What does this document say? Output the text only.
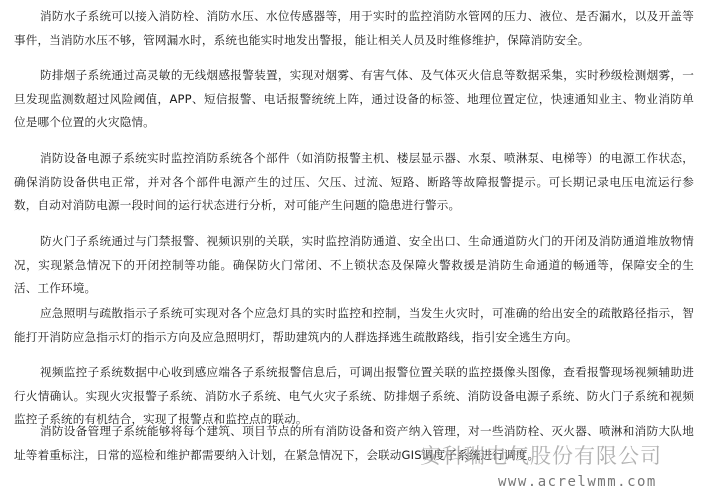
消防水子系统可以接入消防栓、消防水压、水位传感器等，用于实时的监控消防水管网的压力、液位、是否漏水，以及开盖等事件，当消防水压不够，管网漏水时，系统也能实时地发出警报，能让相关人员及时维修维护，保障消防安全。

防排烟子系统通过高灵敏的无线烟感报警装置，实现对烟雾、有害气体、及气体灭火信息等数据采集，实时秒级检测烟雾，一旦发现监测数超过风险阈值，APP、短信报警、电话报警统统上阵，通过设备的标签、地理位置定位，快速通知业主、物业消防单位是哪个位置的火灾隐情。

消防设备电源子系统实时监控消防系统各个部件（如消防报警主机、楼层显示器、水泵、喷淋泵、电梯等）的电源工作状态，确保消防设备供电正常，并对各个部件电源产生的过压、欠压、过流、短路、断路等故障报警提示。可长期记录电压电流运行参数，自动对消防电源一段时间的运行状态进行分析，对可能产生问题的隐患进行警示。

防火门子系统通过与门禁报警、视频识别的关联，实时监控消防通道、安全出口、生命通道防火门的开闭及消防通道堆放物情况，实现紧急情况下的开闭控制等功能。确保防火门常闭、不上锁状态及保障火警救援是消防生命通道的畅通等，保障安全的生活、工作环境。

应急照明与疏散指示子系统可实现对各个应急灯具的实时监控和控制，当发生火灾时，可准确的给出安全的疏散路径指示，智能打开消防应急指示灯的指示方向及应急照明灯，帮助建筑内的人群选择逃生疏散路线，指引安全逃生方向。

视频监控子系统数据中心收到感应端各子系统报警信息后，可调出报警位置关联的监控摄像头图像，查看报警现场视频辅助进行火情确认。实现火灾报警子系统、消防水子系统、电气火灾子系统、防排烟子系统、消防设备电源子系统、防火门子系统和视频监控子系统的有机结合，实现了报警点和监控点的联动。

消防设备管理子系统能够将每个建筑、项目节点的所有消防设备和资产纳入管理，对一些消防栓、灭火器、喷淋和消防大队地址等着重标注，日常的巡检和维护都需要纳入计划，在紧急情况下，会联动GIS调度子系统进行调度。

安科瑞电气股份有限公司
www.acrelwmm.com
